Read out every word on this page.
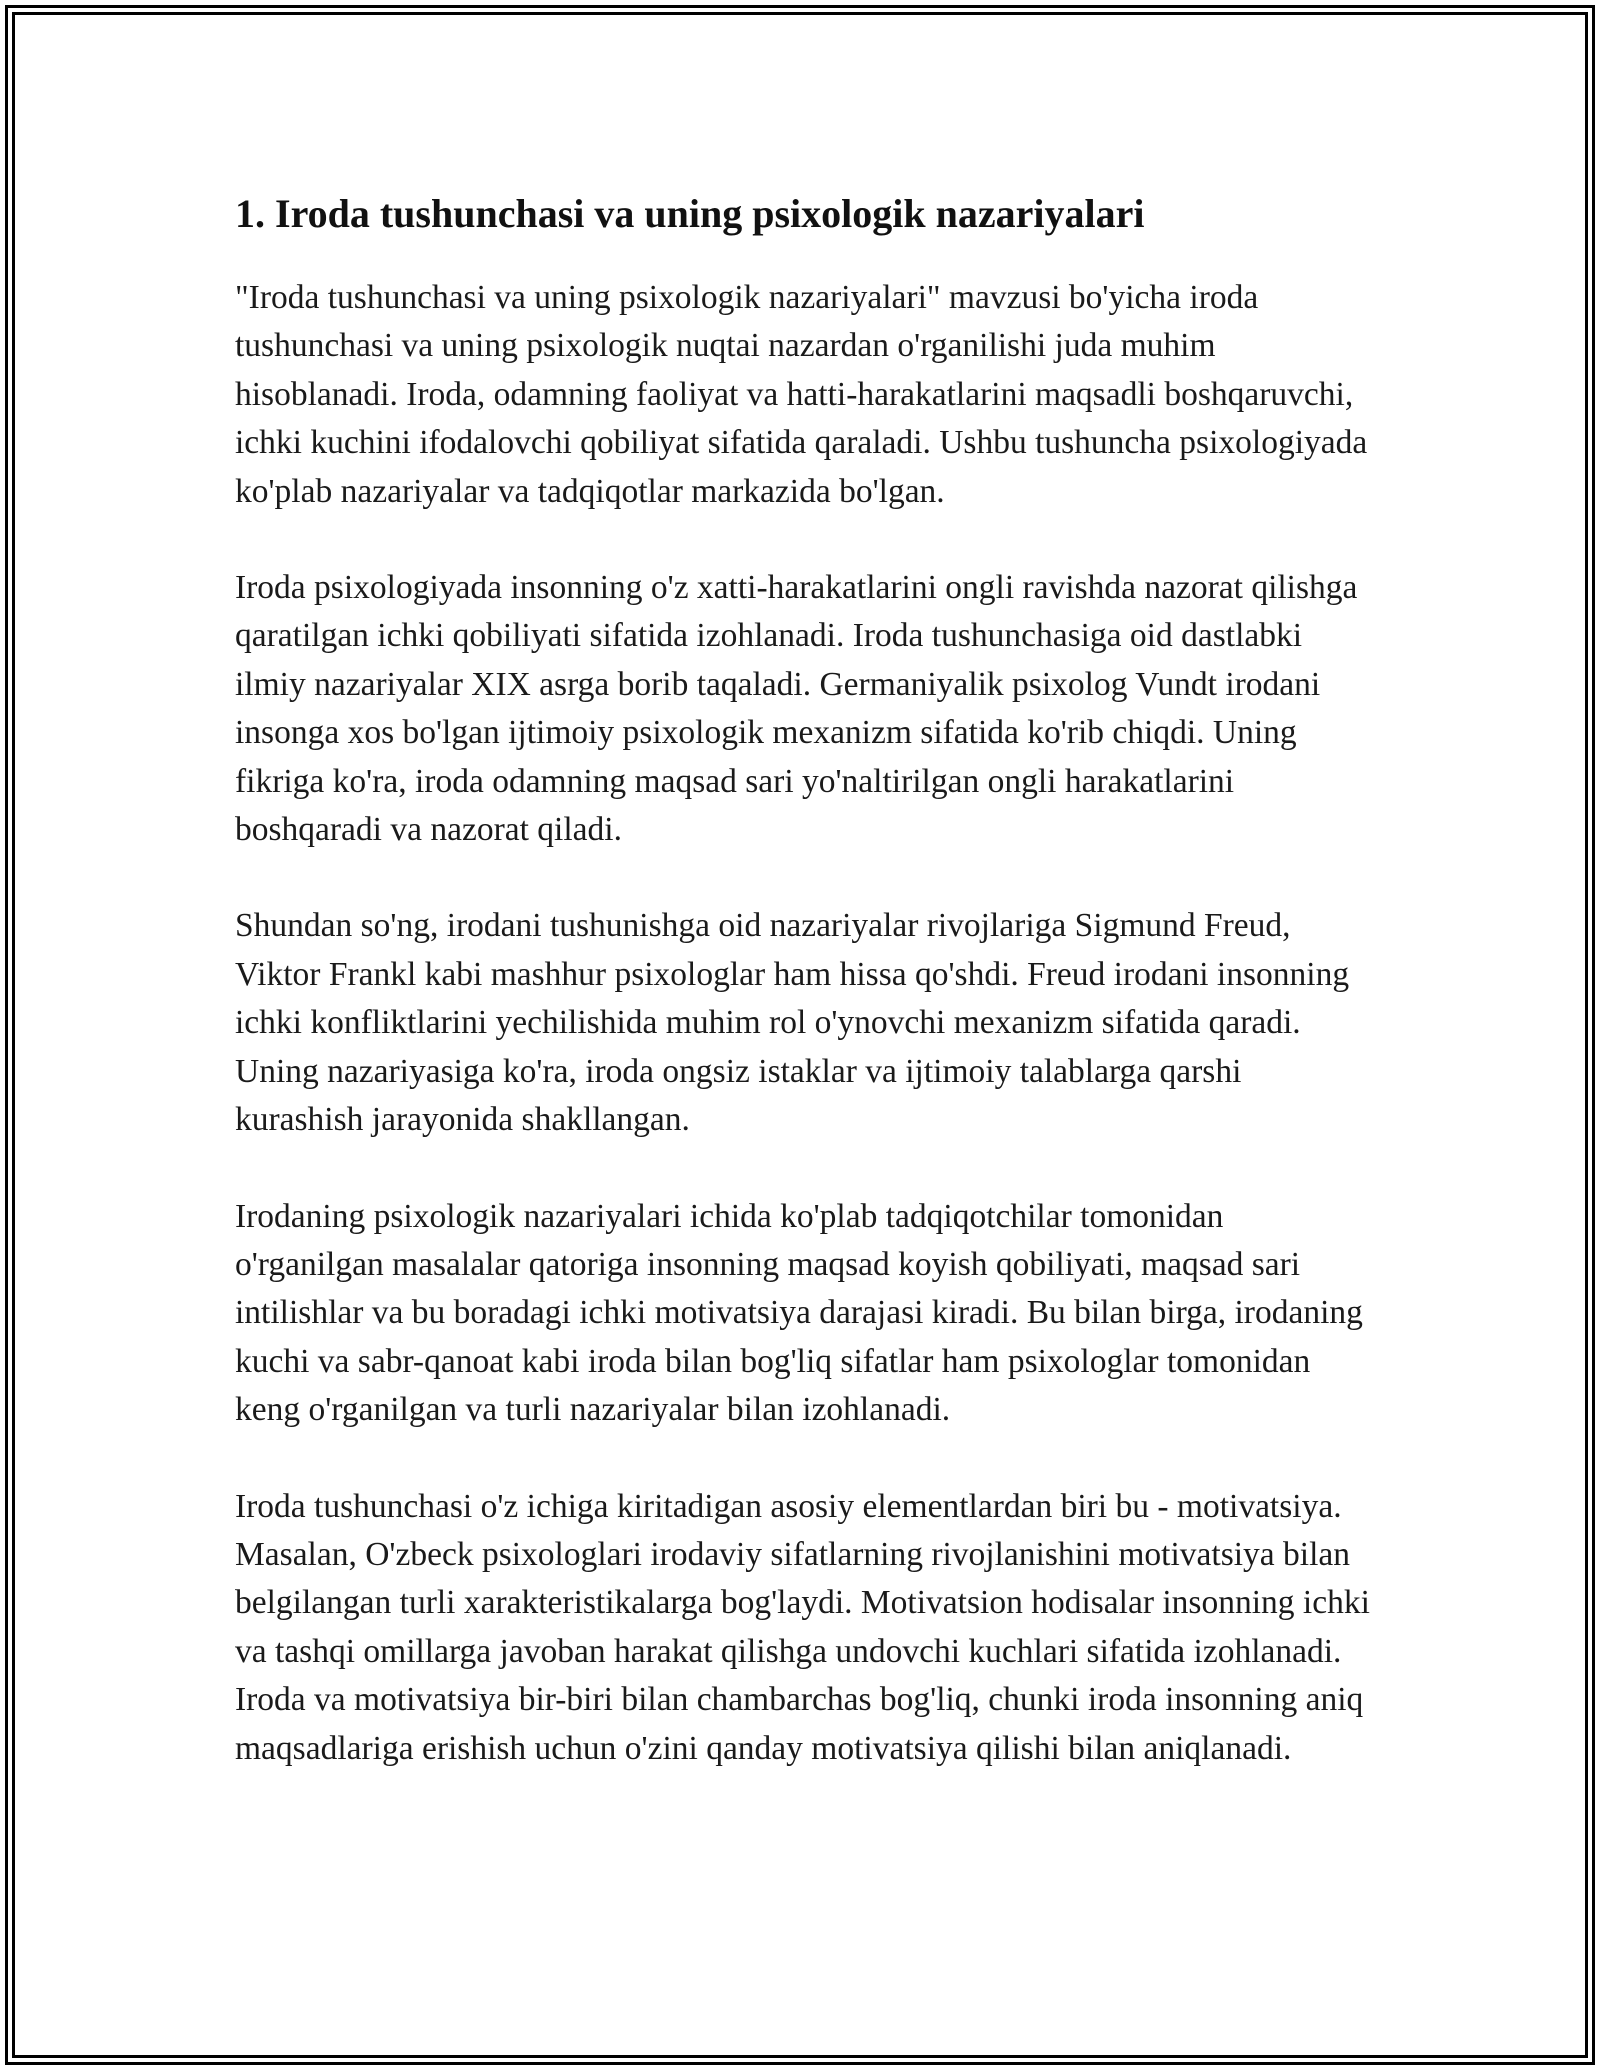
1. Iroda tushunchasi va uning psixologik nazariyalari

"Iroda tushunchasi va uning psixologik nazariyalari" mavzusi bo'yicha iroda tushunchasi va uning psixologik nuqtai nazardan o'rganilishi juda muhim hisoblanadi. Iroda, odamning faoliyat va hatti-harakatlarini maqsadli boshqaruvchi, ichki kuchini ifodalovchi qobiliyat sifatida qaraladi. Ushbu tushuncha psixologiyada ko'plab nazariyalar va tadqiqotlar markazida bo'lgan.

Iroda psixologiyada insonning o'z xatti-harakatlarini ongli ravishda nazorat qilishga qaratilgan ichki qobiliyati sifatida izohlanadi. Iroda tushunchasiga oid dastlabki ilmiy nazariyalar XIX asrga borib taqaladi. Germaniyalik psixolog Vundt irodani insonga xos bo'lgan ijtimoiy psixologik mexanizm sifatida ko'rib chiqdi. Uning fikriga ko'ra, iroda odamning maqsad sari yo'naltirilgan ongli harakatlarini boshqaradi va nazorat qiladi.

Shundan so'ng, irodani tushunishga oid nazariyalar rivojlariga Sigmund Freud, Viktor Frankl kabi mashhur psixologlar ham hissa qo'shdi. Freud irodani insonning ichki konfliktlarini yechilishida muhim rol o'ynovchi mexanizm sifatida qaradi. Uning nazariyasiga ko'ra, iroda ongsiz istaklar va ijtimoiy talablarga qarshi kurashish jarayonida shakllangan.

Irodaning psixologik nazariyalari ichida ko'plab tadqiqotchilar tomonidan o'rganilgan masalalar qatoriga insonning maqsad koyish qobiliyati, maqsad sari intilishlar va bu boradagi ichki motivatsiya darajasi kiradi. Bu bilan birga, irodaning kuchi va sabr-qanoat kabi iroda bilan bog'liq sifatlar ham psixologlar tomonidan keng o'rganilgan va turli nazariyalar bilan izohlanadi.

Iroda tushunchasi o'z ichiga kiritadigan asosiy elementlardan biri bu - motivatsiya. Masalan, O'zbeck psixologlari irodaviy sifatlarning rivojlanishini motivatsiya bilan belgilangan turli xarakteristikalarga bog'laydi. Motivatsion hodisalar insonning ichki va tashqi omillarga javoban harakat qilishga undovchi kuchlari sifatida izohlanadi. Iroda va motivatsiya bir-biri bilan chambarchas bog'liq, chunki iroda insonning aniq maqsadlariga erishish uchun o'zini qanday motivatsiya qilishi bilan aniqlanadi.
